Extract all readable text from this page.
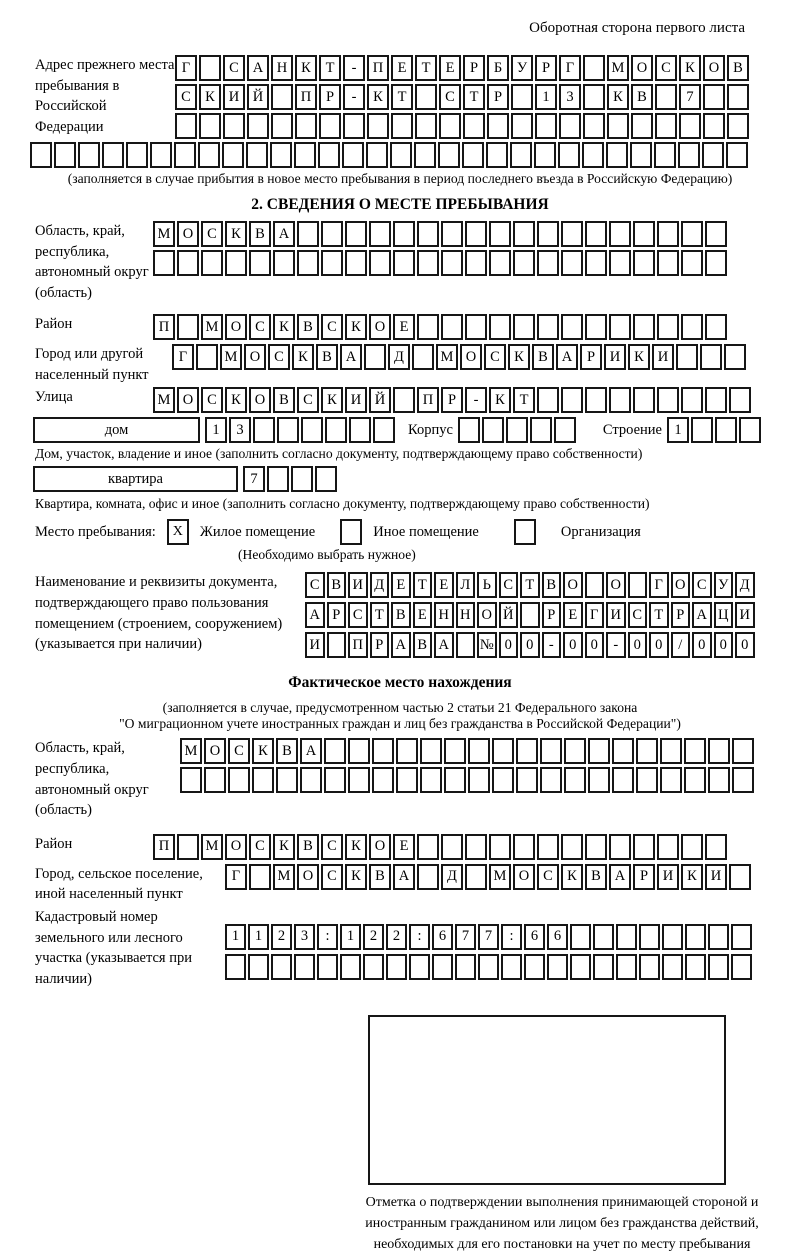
Оборотная сторона первого листа
Адрес прежнего места пребывания в Российской Федерации
Г	С А Н К	Т	-	П Е	Т	Е	Р	Б	У	Р	Г	М О С К О В
С К И Й	П	Р	-	К	Т	С	Т	Р	1	3	К В	7
(заполняется в случае прибытия в новое место пребывания в период последнего въезда в Российскую Федерацию)
2. СВЕДЕНИЯ О МЕСТЕ ПРЕБЫВАНИЯ
Область, край, республика, автономный округ (область)
М О С К В А
Район	П	М О С К В С К О Е
Город или другой населенный пункт
Г	М О С К В А	Д	М О С К В А	Р	И К И
Улица	М О С К О В С К И Й	П	Р	-	К	Т
дом	1	3	Корпус	Строение 1
Дом, участок, владение и иное (заполнить согласно документу, подтверждающему право собственности)
квартира	7
Квартира, комната, офис и иное (заполнить согласно документу, подтверждающему право собственности)
Место пребывания:	X	Жилое помещение	Иное помещение	Организация
(Необходимо выбрать нужное)
Наименование и реквизиты документа, подтверждающего право пользования помещением (строением, сооружением) (указывается при наличии)
С В И Д Е Т Е Л Ь С Т В О	О	Г О С У Д
А Р С Т В Е Н Н О Й	Р Е Г И С Т Р А Ц И
И	П Р А В А	№ 0 0	-	0 0	-	0 0	/	0 0 0
Фактическое место нахождения
(заполняется в случае, предусмотренном частью 2 статьи 21 Федерального закона
"О миграционном учете иностранных граждан и лиц без гражданства в Российской Федерации")
Область, край, республика, автономный округ (область)
М О С К В А
Район	П	М О С К В С К О Е
Город, сельское поселение, иной населенный пункт
Г	М О С К В А	Д	М О С К В А	Р	И К И
Кадастровый номер земельного или лесного участка (указывается при наличии)
1	1	2	3	:	1	2	2	:	6	7	7	:	6	6
Отметка о подтверждении выполнения принимающей стороной и иностранным гражданином или лицом без гражданства действий, необходимых для его постановки на учет по месту пребывания
